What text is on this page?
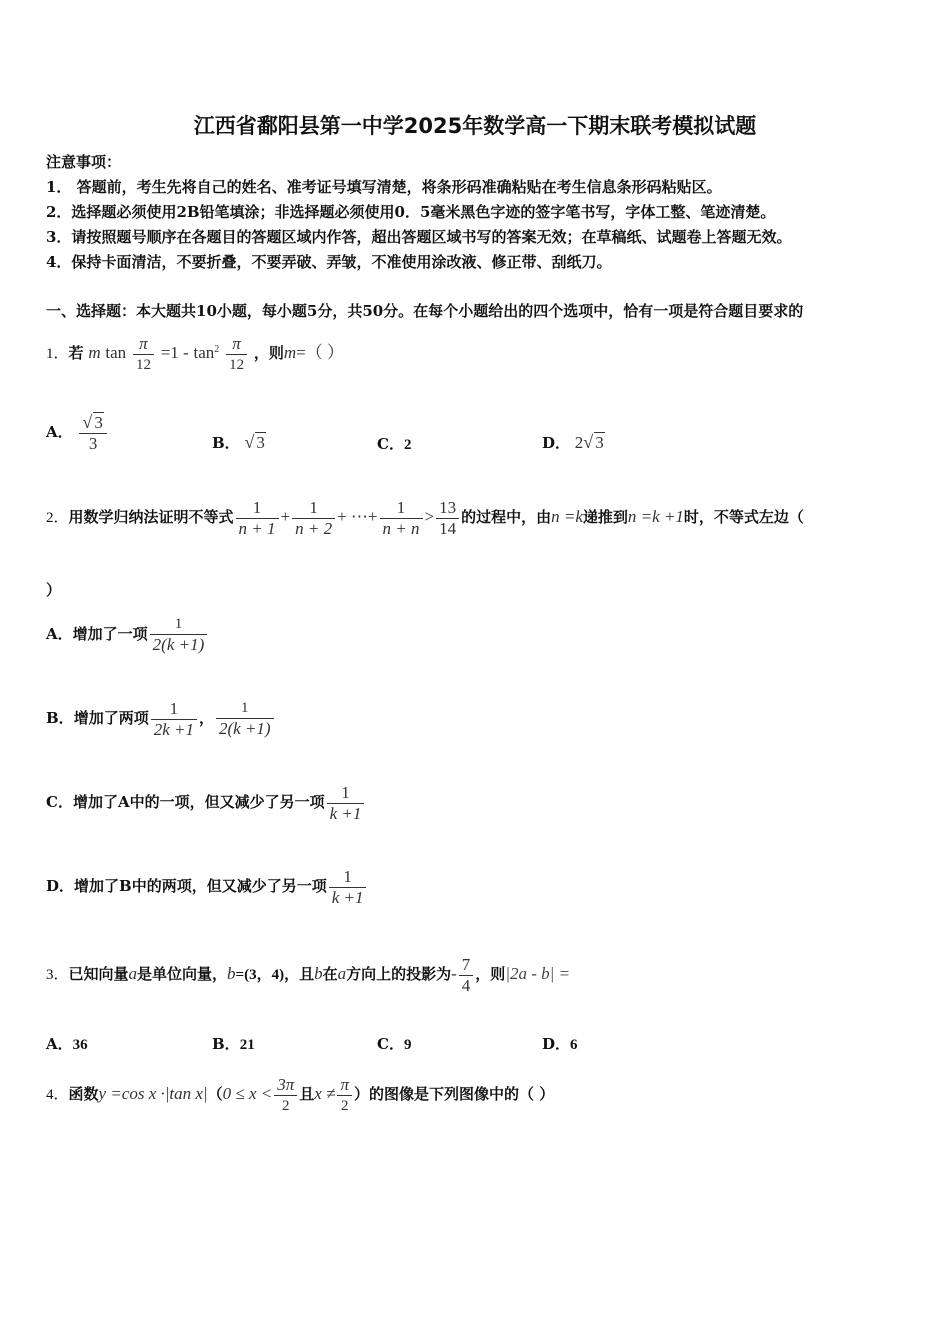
江西省鄱阳县第一中学2025年数学高一下期末联考模拟试题
注意事项：
1． 答题前，考生先将自己的姓名、准考证号填写清楚，将条形码准确粘贴在考生信息条形码粘贴区。
2．选择题必须使用2B铅笔填涂；非选择题必须使用0．5毫米黑色字迹的签字笔书写，字体工整、笔迹清楚。
3．请按照题号顺序在各题目的答题区域内作答，超出答题区域书写的答案无效；在草稿纸、试题卷上答题无效。
4．保持卡面清洁，不要折叠，不要弄破、弄皱，不准使用涂改液、修正带、刮纸刀。
一、选择题：本大题共10小题，每小题5分，共50分。在每个小题给出的四个选项中，恰有一项是符合题目要求的
1．若 m $\tan \frac{\pi}{12} =1 - \tan^2 \frac{\pi}{12}$ ，则m=（ ）
A． $\frac{√ 3}{3}$	B． √ 3	C．2	D． 2√ 3
2．用数学归纳法证明不等式 $\frac{1}{n + 1} + \frac{1}{n + 2}$ + ⋯+ $\frac{1}{n + n} > \frac{13}{14}$ 的过程中，由n =k递推到n =k +1时，不等式左边（
）
A．增加了一项 $\frac{1}{2(k +1)}$
B．增加了两项 $\frac{1}{2k +1}$ ， $\frac{1}{2(k +1)}$
C．增加了A中的一项，但又减少了另一项 $\frac{1}{k +1}$
D．增加了B中的两项，但又减少了另一项 $\frac{1}{k +1}$
3．已知向量a是单位向量，b=(3，4)，且b在a方向上的投影为- $\frac{7}{4}$ ，则|2a - b| =
A．36	B．21	C．9	D．6
4．函数y =cos x ·|tan $x|(0 \le x < \frac{3\pi}{2}$ 且$x \ne \frac{\pi}{2}$ ）的图像是下列图像中的（ ）
